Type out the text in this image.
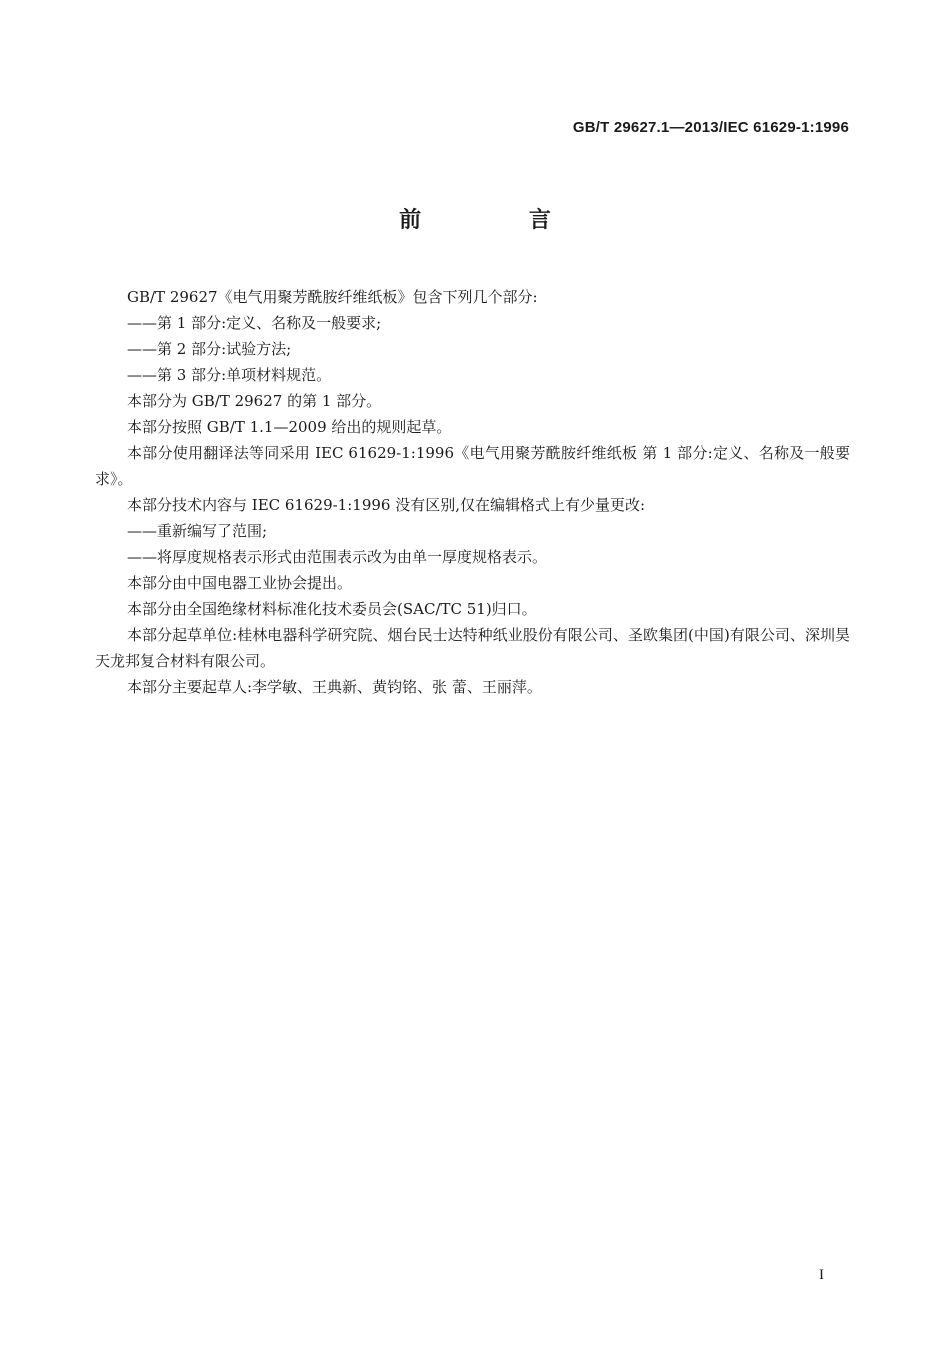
GB/T 29627.1—2013/IEC 61629-1:1996
前 言

GB/T 29627《电气用聚芳酰胺纤维纸板》包含下列几个部分:

——第 1 部分:定义、名称及一般要求;

——第 2 部分:试验方法;

——第 3 部分:单项材料规范。

本部分为 GB/T 29627 的第 1 部分。

本部分按照 GB/T 1.1—2009 给出的规则起草。

本部分使用翻译法等同采用 IEC 61629-1:1996《电气用聚芳酰胺纤维纸板 第 1 部分:定义、名称及一般要求》。

本部分技术内容与 IEC 61629-1:1996 没有区别,仅在编辑格式上有少量更改:

——重新编写了范围;

——将厚度规格表示形式由范围表示改为由单一厚度规格表示。

本部分由中国电器工业协会提出。

本部分由全国绝缘材料标准化技术委员会(SAC/TC 51)归口。

本部分起草单位:桂林电器科学研究院、烟台民士达特种纸业股份有限公司、圣欧集团(中国)有限公司、深圳昊天龙邦复合材料有限公司。

本部分主要起草人:李学敏、王典新、黄钧铭、张 蕾、王丽萍。

I
